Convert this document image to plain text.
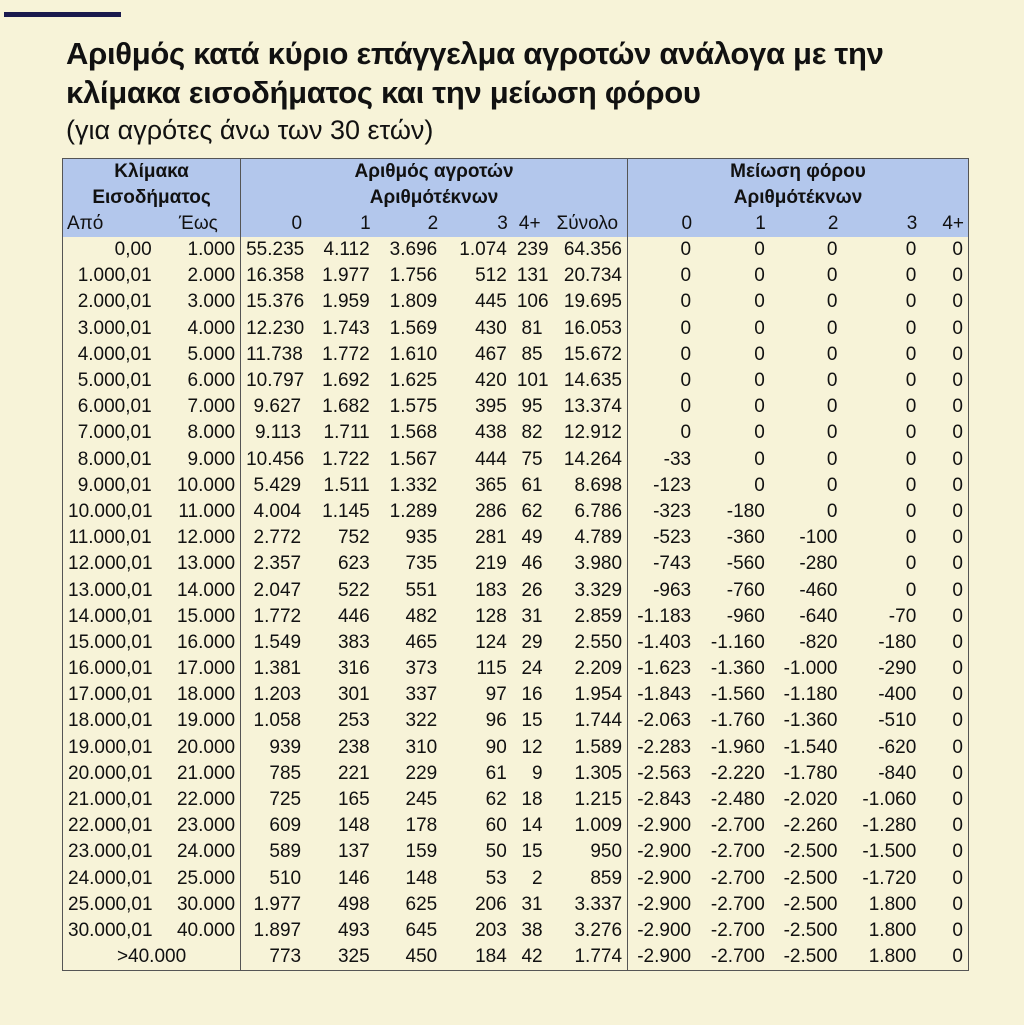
Αριθμός κατά κύριο επάγγελμα αγροτών ανάλογα με την κλίμακα εισοδήματος και την μείωση φόρου
(για αγρότες άνω των 30 ετών)
Κλίμακα		Αριθμός αγροτών						Μείωση φόρου				
Εισοδήματος		Αριθμότέκνων						Αριθμότέκνων				
Από	Έως	0	1	2	3	4+	Σύνολο	0	1	2	3	4+
0,00	1.000	55.235	4.112	3.696	1.074	239	64.356	0	0	0	0	0
1.000,01	2.000	16.358	1.977	1.756	512	131	20.734	0	0	0	0	0
2.000,01	3.000	15.376	1.959	1.809	445	106	19.695	0	0	0	0	0
3.000,01	4.000	12.230	1.743	1.569	430	81	16.053	0	0	0	0	0
4.000,01	5.000	11.738	1.772	1.610	467	85	15.672	0	0	0	0	0
5.000,01	6.000	10.797	1.692	1.625	420	101	14.635	0	0	0	0	0
6.000,01	7.000	9.627	1.682	1.575	395	95	13.374	0	0	0	0	0
7.000,01	8.000	9.113	1.711	1.568	438	82	12.912	0	0	0	0	0
8.000,01	9.000	10.456	1.722	1.567	444	75	14.264	-33	0	0	0	0
9.000,01	10.000	5.429	1.511	1.332	365	61	8.698	-123	0	0	0	0
10.000,01	11.000	4.004	1.145	1.289	286	62	6.786	-323	-180	0	0	0
11.000,01	12.000	2.772	752	935	281	49	4.789	-523	-360	-100	0	0
12.000,01	13.000	2.357	623	735	219	46	3.980	-743	-560	-280	0	0
13.000,01	14.000	2.047	522	551	183	26	3.329	-963	-760	-460	0	0
14.000,01	15.000	1.772	446	482	128	31	2.859	-1.183	-960	-640	-70	0
15.000,01	16.000	1.549	383	465	124	29	2.550	-1.403	-1.160	-820	-180	0
16.000,01	17.000	1.381	316	373	115	24	2.209	-1.623	-1.360	-1.000	-290	0
17.000,01	18.000	1.203	301	337	97	16	1.954	-1.843	-1.560	-1.180	-400	0
18.000,01	19.000	1.058	253	322	96	15	1.744	-2.063	-1.760	-1.360	-510	0
19.000,01	20.000	939	238	310	90	12	1.589	-2.283	-1.960	-1.540	-620	0
20.000,01	21.000	785	221	229	61	9	1.305	-2.563	-2.220	-1.780	-840	0
21.000,01	22.000	725	165	245	62	18	1.215	-2.843	-2.480	-2.020	-1.060	0
22.000,01	23.000	609	148	178	60	14	1.009	-2.900	-2.700	-2.260	-1.280	0
23.000,01	24.000	589	137	159	50	15	950	-2.900	-2.700	-2.500	-1.500	0
24.000,01	25.000	510	146	148	53	2	859	-2.900	-2.700	-2.500	-1.720	0
25.000,01	30.000	1.977	498	625	206	31	3.337	-2.900	-2.700	-2.500	1.800	0
30.000,01	40.000	1.897	493	645	203	38	3.276	-2.900	-2.700	-2.500	1.800	0
>40.000		773	325	450	184	42	1.774	-2.900	-2.700	-2.500	1.800	0
